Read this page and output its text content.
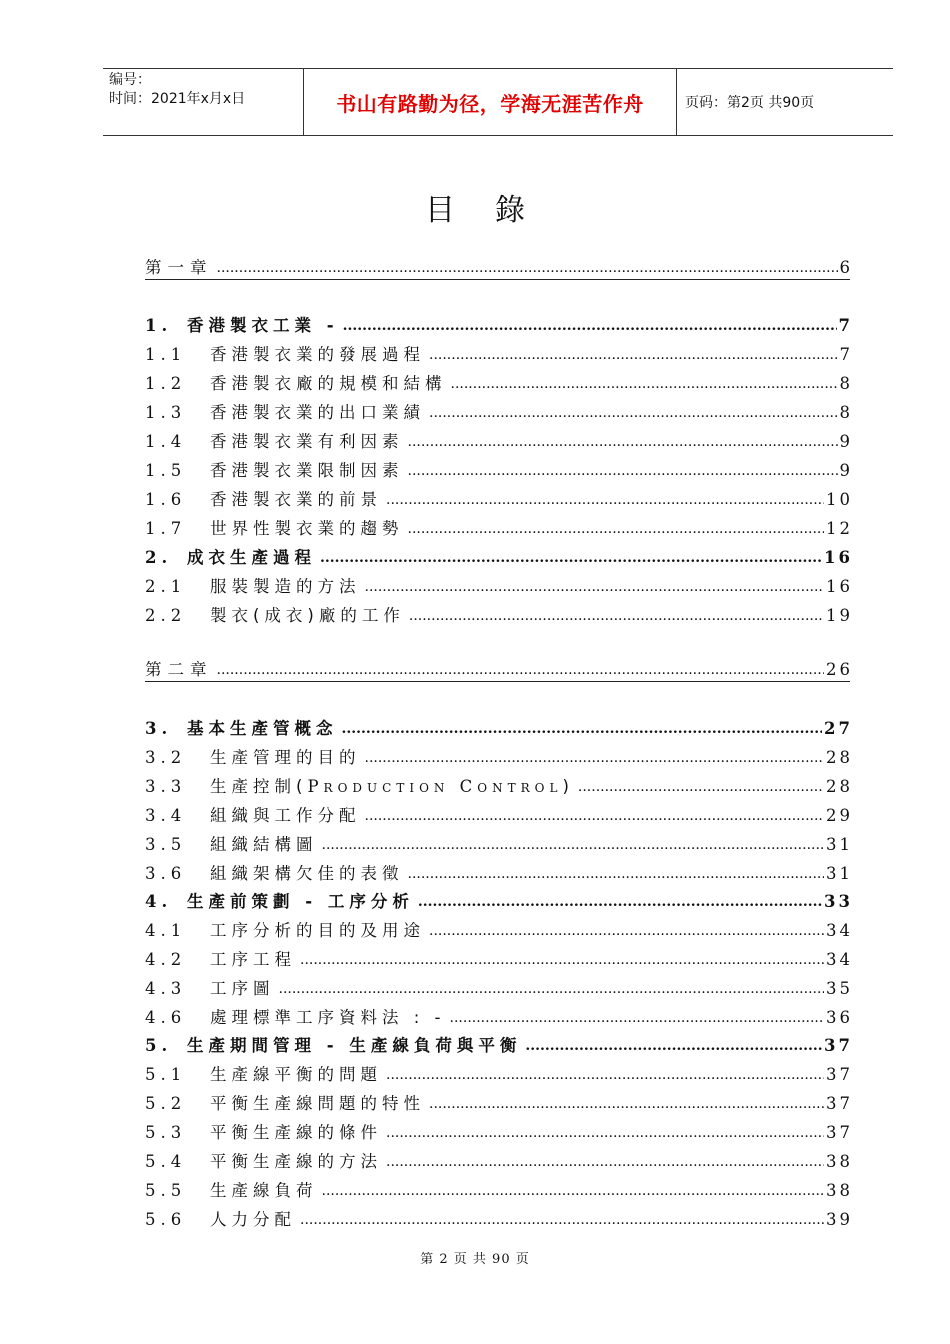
编号：
时间：2021年x月x日	书山有路勤为径，学海无涯苦作舟	页码：第2页 共90页
目錄
第一章 .....	6
1. 香港製衣工業 - .....	7
1.1	香港製衣業的發展過程 .....	7
1.2	香港製衣廠的規模和結構 .....	8
1.3	香港製衣業的出口業績 .....	8
1.4	香港製衣業有利因素 .....	9
1.5	香港製衣業限制因素 .....	9
1.6	香港製衣業的前景 .....	10
1.7	世界性製衣業的趨勢 .....	12
2. 成衣生產過程 .....	16
2.1	服裝製造的方法 .....	16
2.2	製衣(成衣)廠的工作 .....	19
第二章 .....	26
3. 基本生產管概念 .....	27
3.2	生產管理的目的 .....	28
3.3	生產控制( Production Control ) .....	28
3.4	組織與工作分配 .....	29
3.5	組織結構圖 .....	31
3.6	組織架構欠佳的表徵 .....	31
4. 生產前策劃 - 工序分析 .....	33
4.1	工序分析的目的及用途 .....	34
4.2	工序工程 .....	34
4.3	工序圖 .....	35
4.6	處理標準工序資料法 : - .....	36
5. 生產期間管理 - 生產線負荷與平衡 .....	37
5.1	生產線平衡的問題 .....	37
5.2	平衡生產線問題的特性 .....	37
5.3	平衡生產線的條件 .....	37
5.4	平衡生產線的方法 .....	38
5.5	生產線負荷 .....	38
5.6	人力分配 .....	39
第 2 页 共 90 页
